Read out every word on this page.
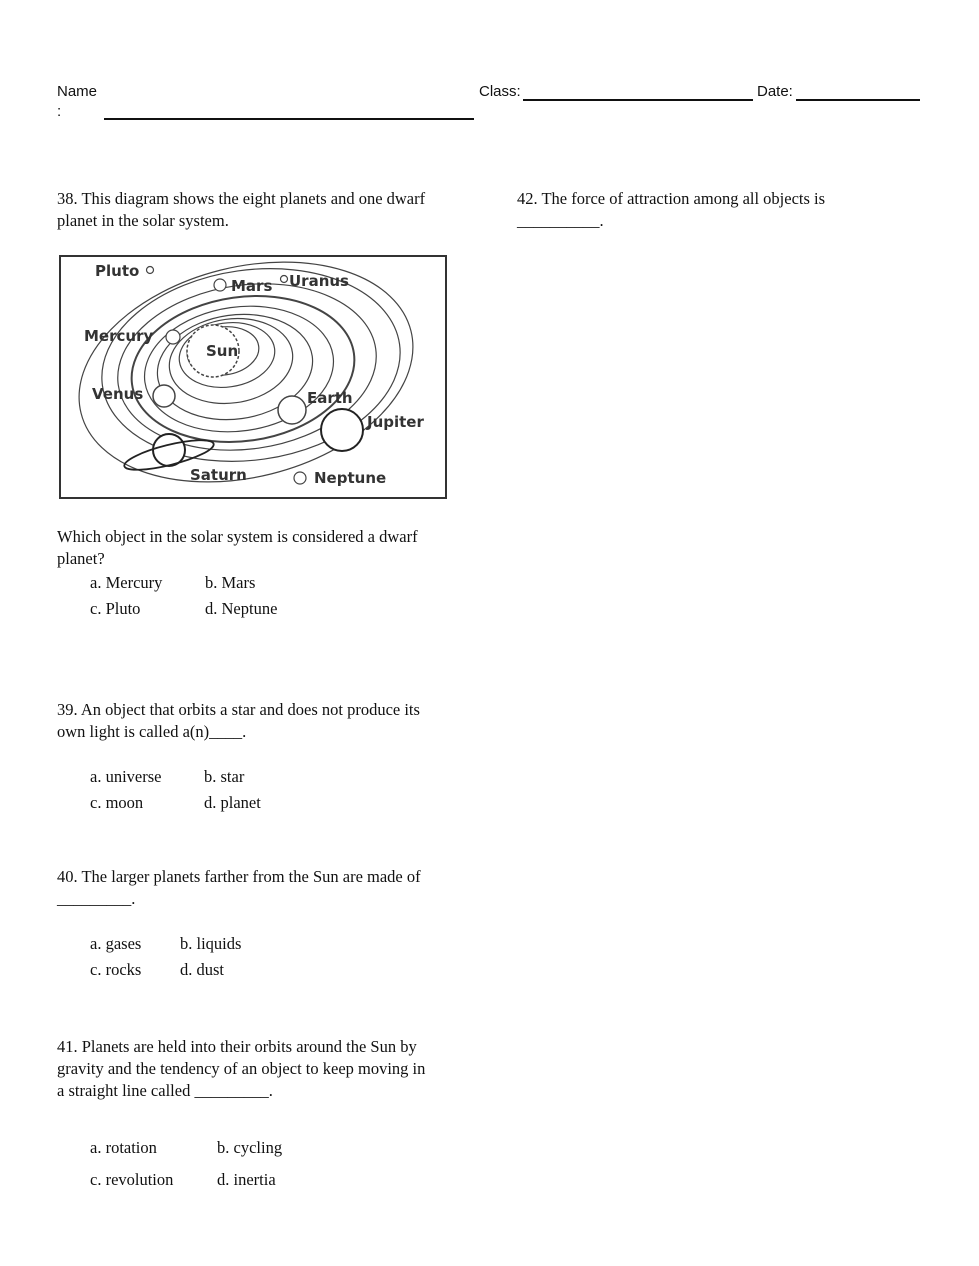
Name
:
Class:	Date:
38. This diagram shows the eight planets and one dwarf
planet in the solar system.
Pluto
Mars Uranus
Mercury
Sun
Venus	Earth
Jupiter
Saturn	Neptune
Which object in the solar system is considered a dwarf
planet?
a. Mercury	b. Mars
c. Pluto	d. Neptune
39. An object that orbits a star and does not produce its
own light is called a(n)____.
a. universe	b. star
c. moon	d. planet
40. The larger planets farther from the Sun are made of
_________.
a. gases b. liquids
c. rocks d. dust
41. Planets are held into their orbits around the Sun by
gravity and the tendency of an object to keep moving in
a straight line called _________.
a. rotation	b. cycling
c. revolution	d. inertia
42. The force of attraction among all objects is
__________.
